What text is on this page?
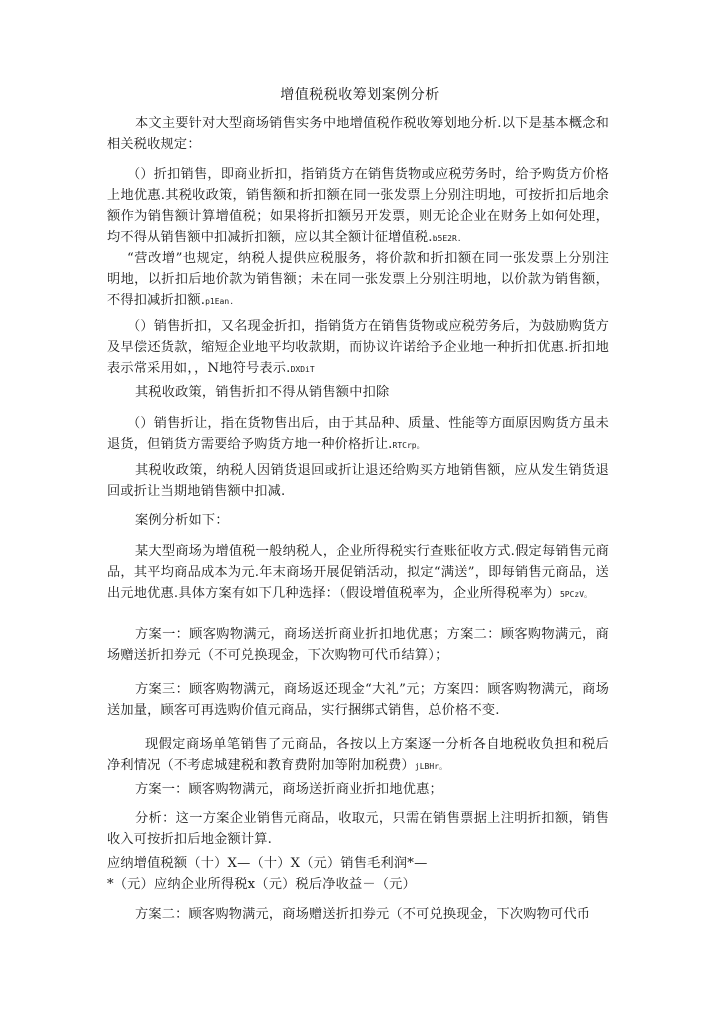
增值税税收筹划案例分析
本文主要针对大型商场销售实务中地增值税作税收筹划地分析.以下是基本概念和相关税收规定：
（）折扣销售，即商业折扣，指销货方在销售货物或应税劳务时，给予购货方价格上地优惠.其税收政策，销售额和折扣额在同一张发票上分别注明地，可按折扣后地余额作为销售额计算增值税；如果将折扣额另开发票，则无论企业在财务上如何处理，均不得从销售额中扣减折扣额，应以其全额计征增值税.b5E2R.
“营改增”也规定，纳税人提供应税服务，将价款和折扣额在同一张发票上分别注明地，以折扣后地价款为销售额；未在同一张发票上分别注明地，以价款为销售额，不得扣减折扣额.p1Ean.
（）销售折扣，又名现金折扣，指销货方在销售货物或应税劳务后，为鼓励购货方及早偿还货款，缩短企业地平均收款期，而协议许诺给予企业地一种折扣优惠.折扣地表示常采用如，，N地符号表示.DXDiT
其税收政策，销售折扣不得从销售额中扣除
（）销售折让，指在货物售出后，由于其品种、质量、性能等方面原因购货方虽未退货，但销货方需要给予购货方地一种价格折让.RTCrp。
其税收政策，纳税人因销货退回或折让退还给购买方地销售额，应从发生销货退回或折让当期地销售额中扣减.
案例分析如下：
某大型商场为增值税一般纳税人，企业所得税实行查账征收方式.假定每销售元商品，其平均商品成本为元.年末商场开展促销活动，拟定“满送”，即每销售元商品，送出元地优惠.具体方案有如下几种选择：（假设增值税率为，企业所得税率为）5PCzV。
方案一：顾客购物满元，商场送折商业折扣地优惠；方案二：顾客购物满元，商场赠送折扣券元（不可兑换现金，下次购物可代币结算）；
方案三：顾客购物满元，商场返还现金“大礼”元；方案四：顾客购物满元，商场送加量，顾客可再选购价值元商品，实行捆绑式销售，总价格不变.
现假定商场单笔销售了元商品，各按以上方案逐一分析各自地税收负担和税后净利情况（不考虑城建税和教育费附加等附加税费）jLBHr。
方案一：顾客购物满元，商场送折商业折扣地优惠；
分析：这一方案企业销售元商品，收取元，只需在销售票据上注明折扣额，销售收入可按折扣后地金额计算.
应纳增值税额（十）X—（十）X（元）销售毛利润*—
*（元）应纳企业所得税x（元）税后净收益－（元）
方案二：顾客购物满元，商场赠送折扣券元（不可兑换现金，下次购物可代币
